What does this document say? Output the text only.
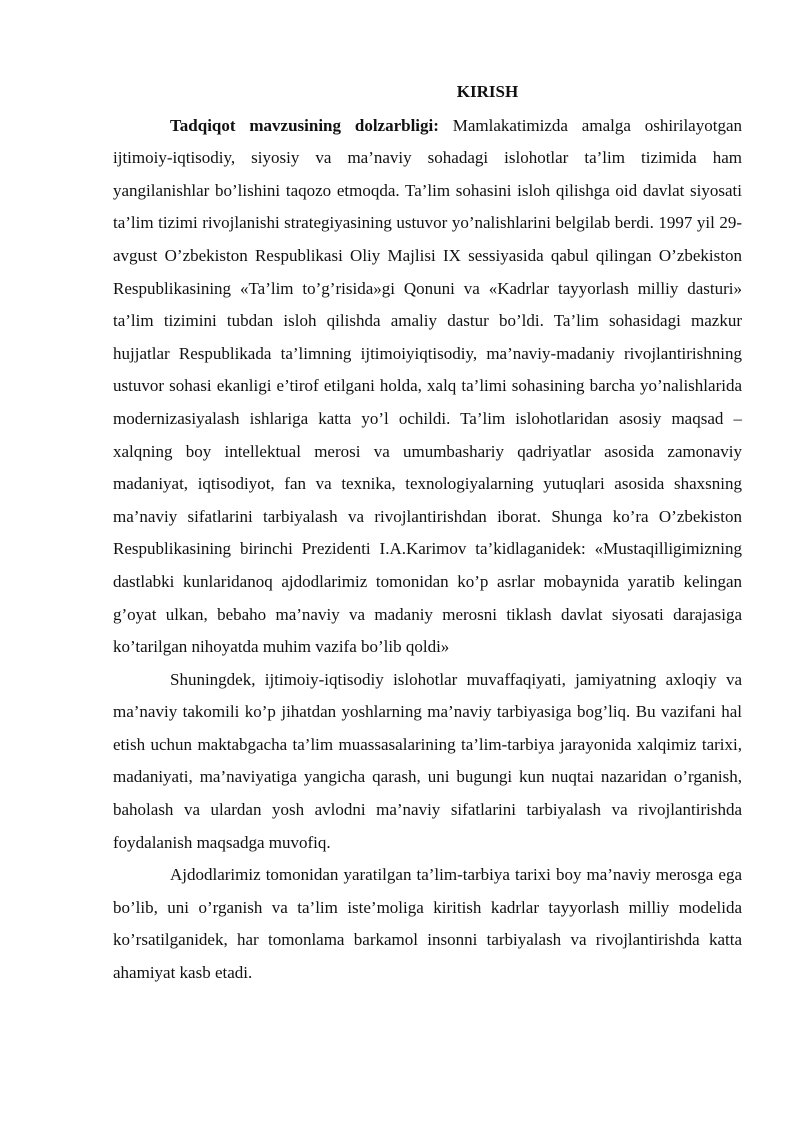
KIRISH

Tadqiqot mavzusining dolzarbligi: Mamlakatimizda amalga oshirilayotgan ijtimoiy-iqtisodiy, siyosiy va ma’naviy sohadagi islohotlar ta’lim tizimida ham yangilanishlar bo’lishini taqozo etmoqda. Ta’lim sohasini isloh qilishga oid davlat siyosati ta’lim tizimi rivojlanishi strategiyasining ustuvor yo’nalishlarini belgilab berdi. 1997 yil 29-avgust O’zbekiston Respublikasi Oliy Majlisi IX sessiyasida qabul qilingan O’zbekiston Respublikasining «Ta’lim to’g’risida»gi Qonuni va «Kadrlar tayyorlash milliy dasturi» ta’lim tizimini tubdan isloh qilishda amaliy dastur bo’ldi. Ta’lim sohasidagi mazkur hujjatlar Respublikada ta’limning ijtimoiyiqtisodiy, ma’naviy-madaniy rivojlantirishning ustuvor sohasi ekanligi e’tirof etilgani holda, xalq ta’limi sohasining barcha yo’nalishlarida modernizasiyalash ishlariga katta yo’l ochildi. Ta’lim islohotlaridan asosiy maqsad – xalqning boy intellektual merosi va umumbashariy qadriyatlar asosida zamonaviy madaniyat, iqtisodiyot, fan va texnika, texnologiyalarning yutuqlari asosida shaxsning ma’naviy sifatlarini tarbiyalash va rivojlantirishdan iborat. Shunga ko’ra O’zbekiston Respublikasining birinchi Prezidenti I.A.Karimov ta’kidlaganidek: «Mustaqilligimizning dastlabki kunlaridanoq ajdodlarimiz tomonidan ko’p asrlar mobaynida yaratib kelingan g’oyat ulkan, bebaho ma’naviy va madaniy merosni tiklash davlat siyosati darajasiga ko’tarilgan nihoyatda muhim vazifa bo’lib qoldi»

Shuningdek, ijtimoiy-iqtisodiy islohotlar muvaffaqiyati, jamiyatning axloqiy va ma’naviy takomili ko’p jihatdan yoshlarning ma’naviy tarbiyasiga bog’liq. Bu vazifani hal etish uchun maktabgacha ta’lim muassasalarining ta’lim-tarbiya jarayonida xalqimiz tarixi, madaniyati, ma’naviyatiga yangicha qarash, uni bugungi kun nuqtai nazaridan o’rganish, baholash va ulardan yosh avlodni ma’naviy sifatlarini tarbiyalash va rivojlantirishda foydalanish maqsadga muvofiq.

Ajdodlarimiz tomonidan yaratilgan ta’lim-tarbiya tarixi boy ma’naviy merosga ega bo’lib, uni o’rganish va ta’lim iste’moliga kiritish kadrlar tayyorlash milliy modelida ko’rsatilganidek, har tomonlama barkamol insonni tarbiyalash va rivojlantirishda katta ahamiyat kasb etadi.
